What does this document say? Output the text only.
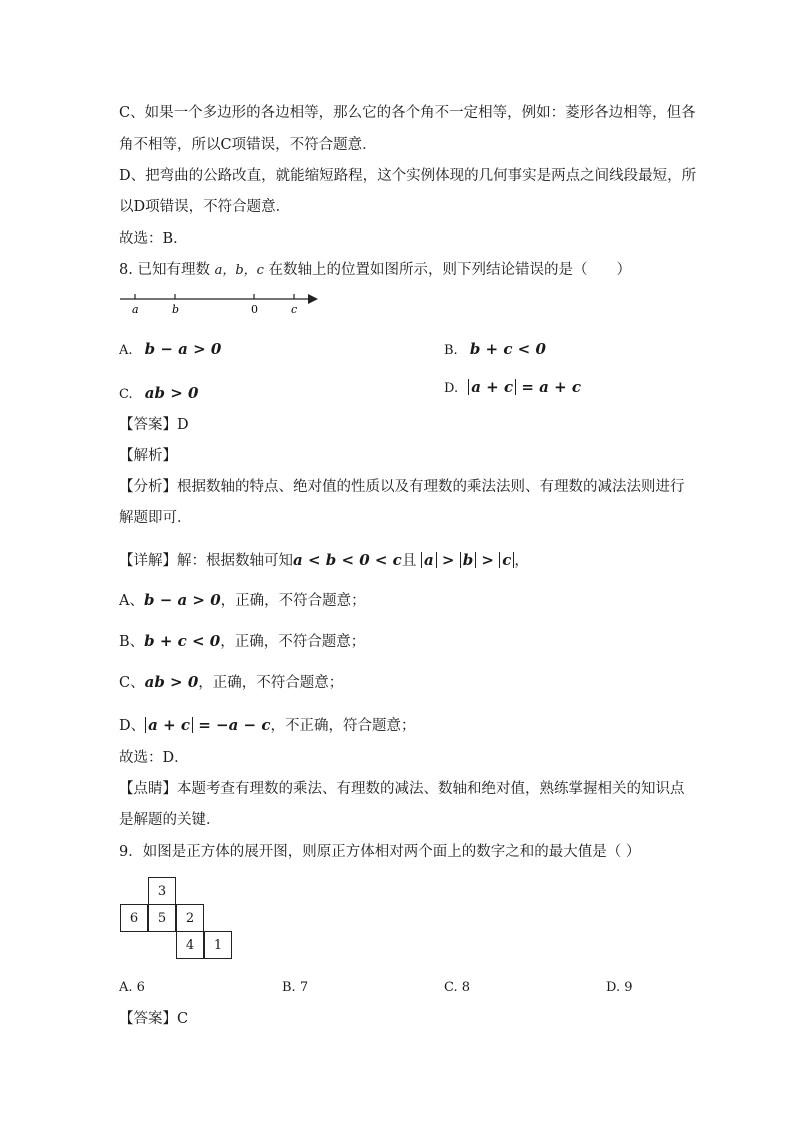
C、如果一个多边形的各边相等，那么它的各个角不一定相等，例如：菱形各边相等，但各
角不相等，所以C项错误，不符合题意．
D、把弯曲的公路改直，就能缩短路程，这个实例体现的几何事实是两点之间线段最短，所
以D项错误，不符合题意．
故选：B．
8. 已知有理数 a，b，c 在数轴上的位置如图所示，则下列结论错误的是（　　）
a	b	0	c
A. b − a > 0	B. b + c < 0
C. ab > 0	D. a + c = a + c
【答案】D
【解析】
【分析】根据数轴的特点、绝对值的性质以及有理数的乘法法则、有理数的减法法则进行
解题即可．
【详解】解：根据数轴可知a < b < 0 < c且 a > b > c ，
A、b − a > 0，正确，不符合题意；
B、b + c < 0，正确，不符合题意；
C、ab > 0，正确，不符合题意；
D、 a + c = −a − c，不正确，符合题意；
故选：D．
【点睛】本题考查有理数的乘法、有理数的减法、数轴和绝对值，熟练掌握相关的知识点
是解题的关键．
9．如图是正方体的展开图，则原正方体相对两个面上的数字之和的最大值是（ ）
3
6	5	2
4	1
A. 6	B. 7	C. 8	D. 9
【答案】C
